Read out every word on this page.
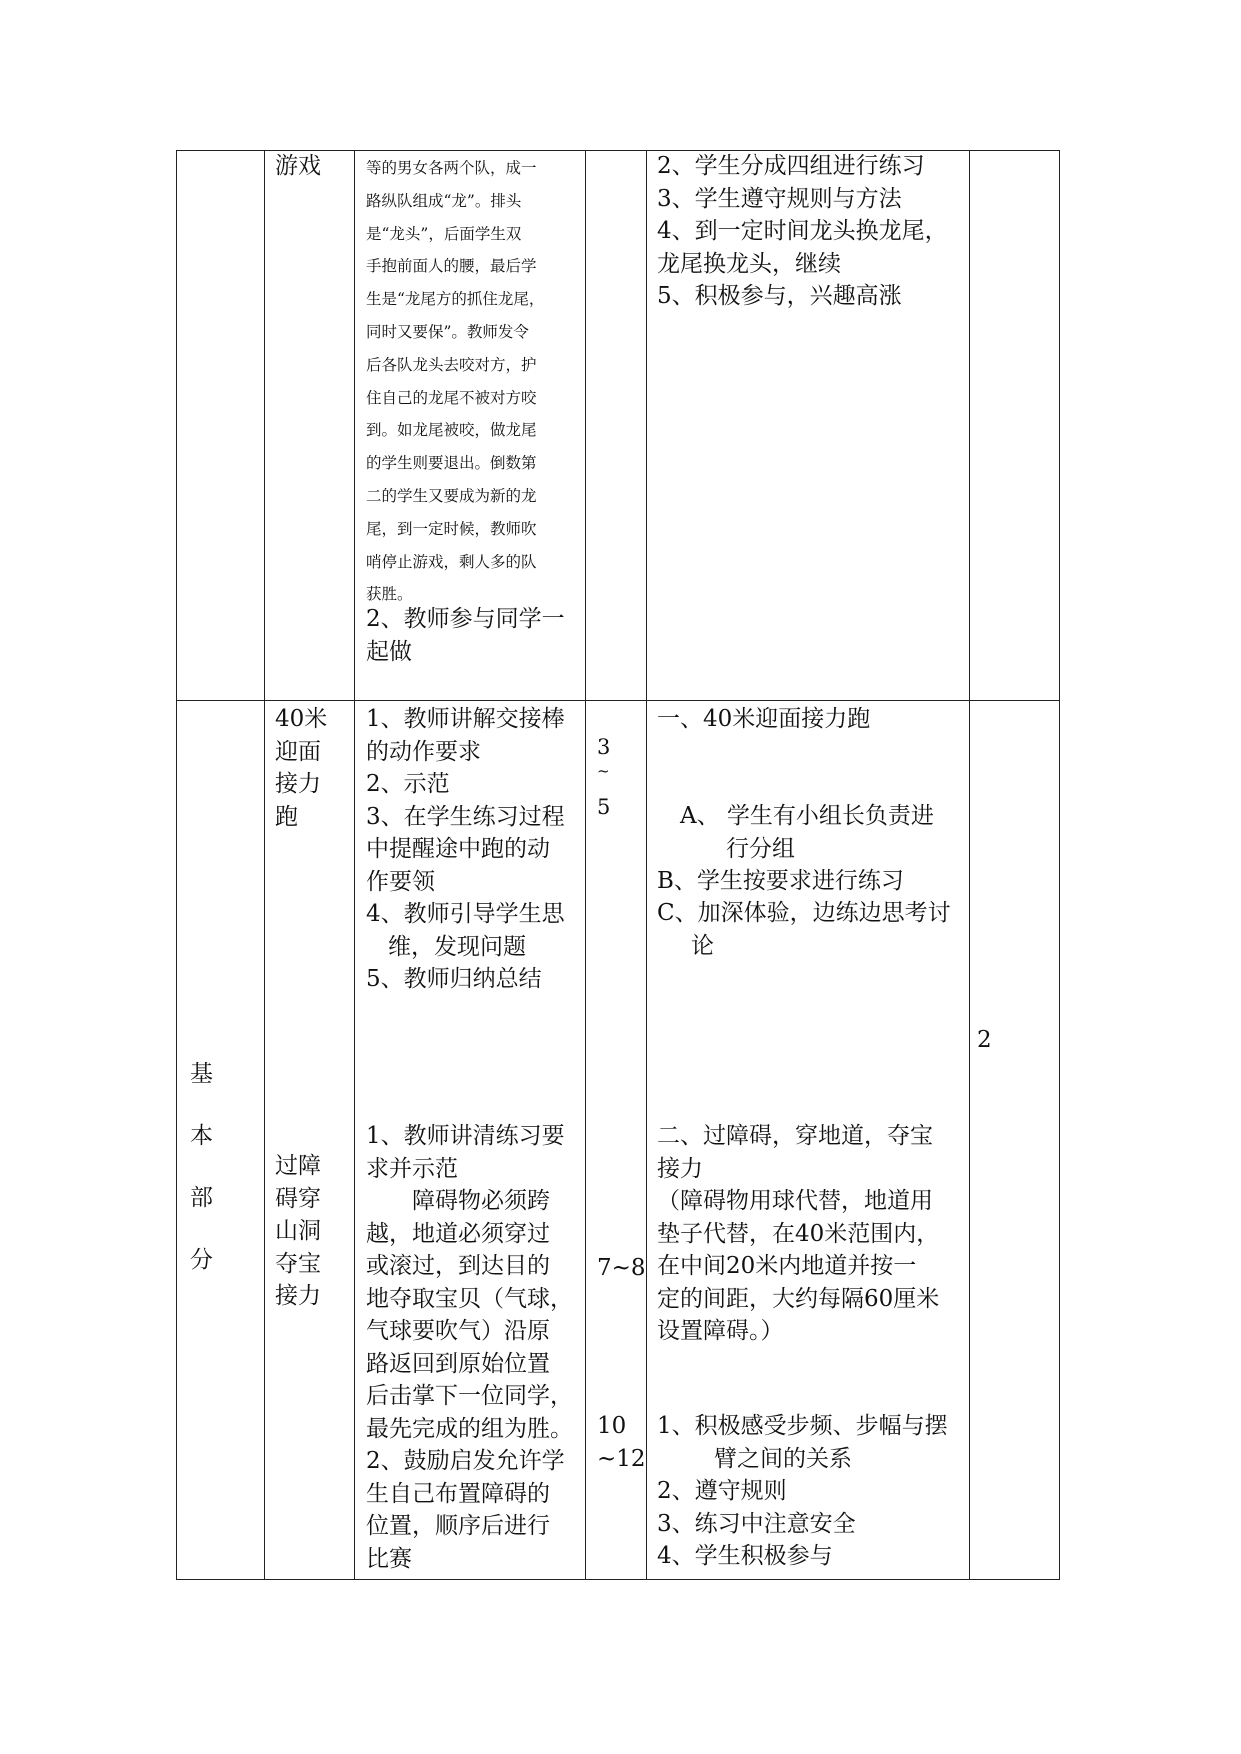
游戏	等的男女各两个队，成一
路纵队组成“龙”。排头
是“龙头”，后面学生双
手抱前面人的腰，最后学
生是“龙尾方的抓住龙尾，
同时又要保”。教师发令
后各队龙头去咬对方，护
住自己的龙尾不被对方咬
到。如龙尾被咬，做龙尾
的学生则要退出。倒数第
二的学生又要成为新的龙
尾，到一定时候，教师吹
哨停止游戏，剩人多的队
获胜。
2、教师参与同学一
起做
2、学生分成四组进行练习
3、学生遵守规则与方法
4、到一定时间龙头换龙尾，
龙尾换龙头，继续
5、积极参与，兴趣高涨
基
本
部
分
40米
迎面
接力
跑
过障
碍穿
山洞
夺宝
接力
1、教师讲解交接棒
的动作要求
2、示范
3、在学生练习过程
中提醒途中跑的动
作要领
4、教师引导学生思
维，发现问题
5、教师归纳总结
1、教师讲清练习要
求并示范
障碍物必须跨
越，地道必须穿过
或滚过，到达目的
地夺取宝贝（气球，
气球要吹气）沿原
路返回到原始位置
后击掌下一位同学，
最先完成的组为胜。
2、鼓励启发允许学
生自己布置障碍的
位置，顺序后进行
比赛
3
~
5
7~8
10
~12
一、40米迎面接力跑
A、 学生有小组长负责进
行分组
B、学生按要求进行练习
C、加深体验，边练边思考讨
论
二、过障碍，穿地道，夺宝
接力
（障碍物用球代替，地道用
垫子代替，在40米范围内，
在中间20米内地道并按一
定的间距，大约每隔60厘米
设置障碍。）
1、积极感受步频、步幅与摆
臂之间的关系
2、遵守规则
3、练习中注意安全
4、学生积极参与
2
